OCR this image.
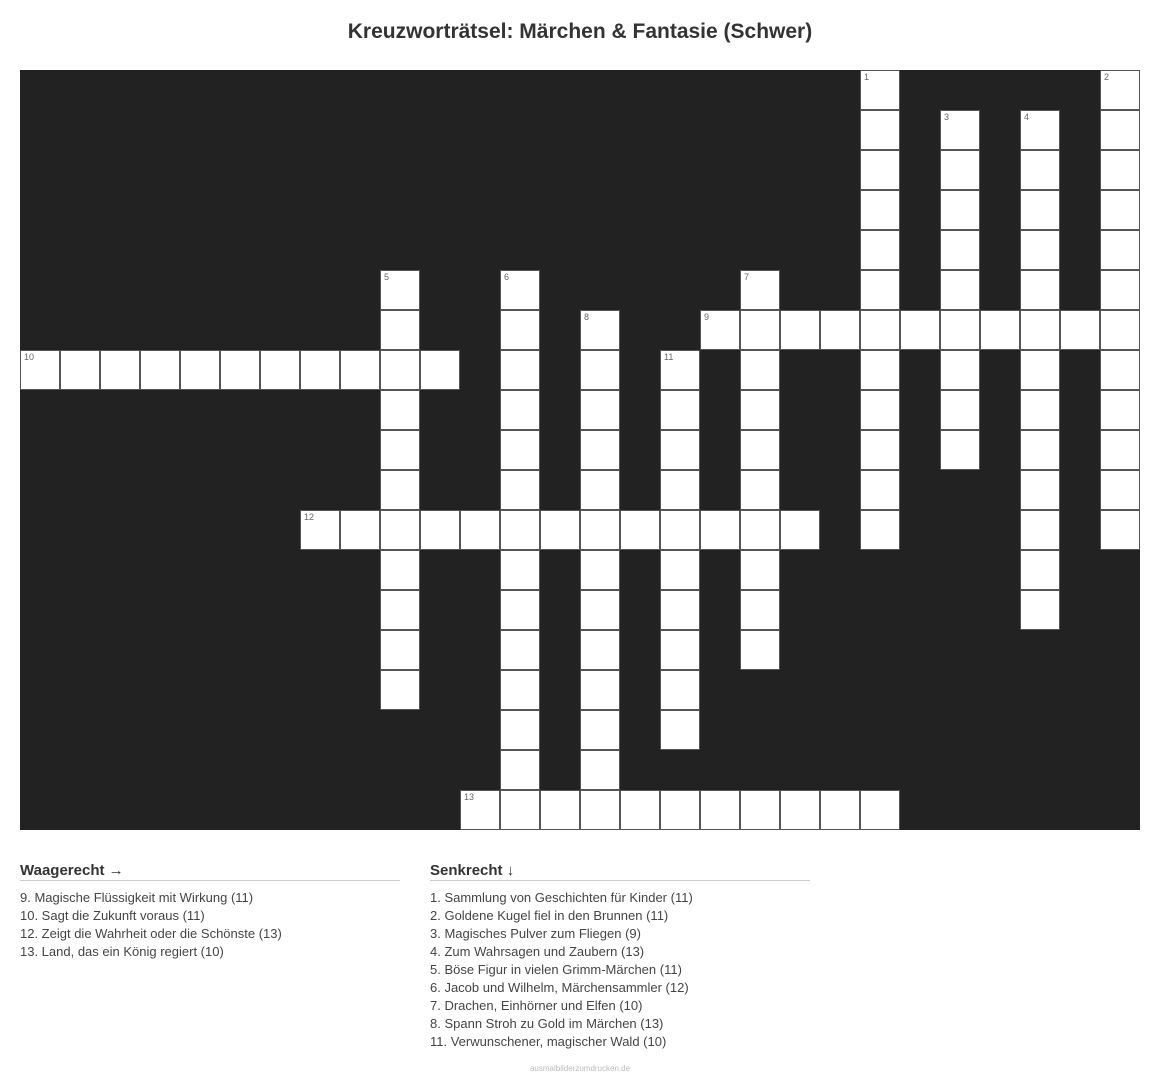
Kreuzworträtsel: Märchen & Fantasie (Schwer)
1	2
3	4
5	6	7
8	9
10	11
12
13
Waagerecht →
9. Magische Flüssigkeit mit Wirkung (11)
10. Sagt die Zukunft voraus (11)
12. Zeigt die Wahrheit oder die Schönste (13)
13. Land, das ein König regiert (10)
Senkrecht ↓
1. Sammlung von Geschichten für Kinder (11)
2. Goldene Kugel fiel in den Brunnen (11)
3. Magisches Pulver zum Fliegen (9)
4. Zum Wahrsagen und Zaubern (13)
5. Böse Figur in vielen Grimm-Märchen (11)
6. Jacob und Wilhelm, Märchensammler (12)
7. Drachen, Einhörner und Elfen (10)
8. Spann Stroh zu Gold im Märchen (13)
11. Verwunschener, magischer Wald (10)
ausmalbilderzumdrucken.de
